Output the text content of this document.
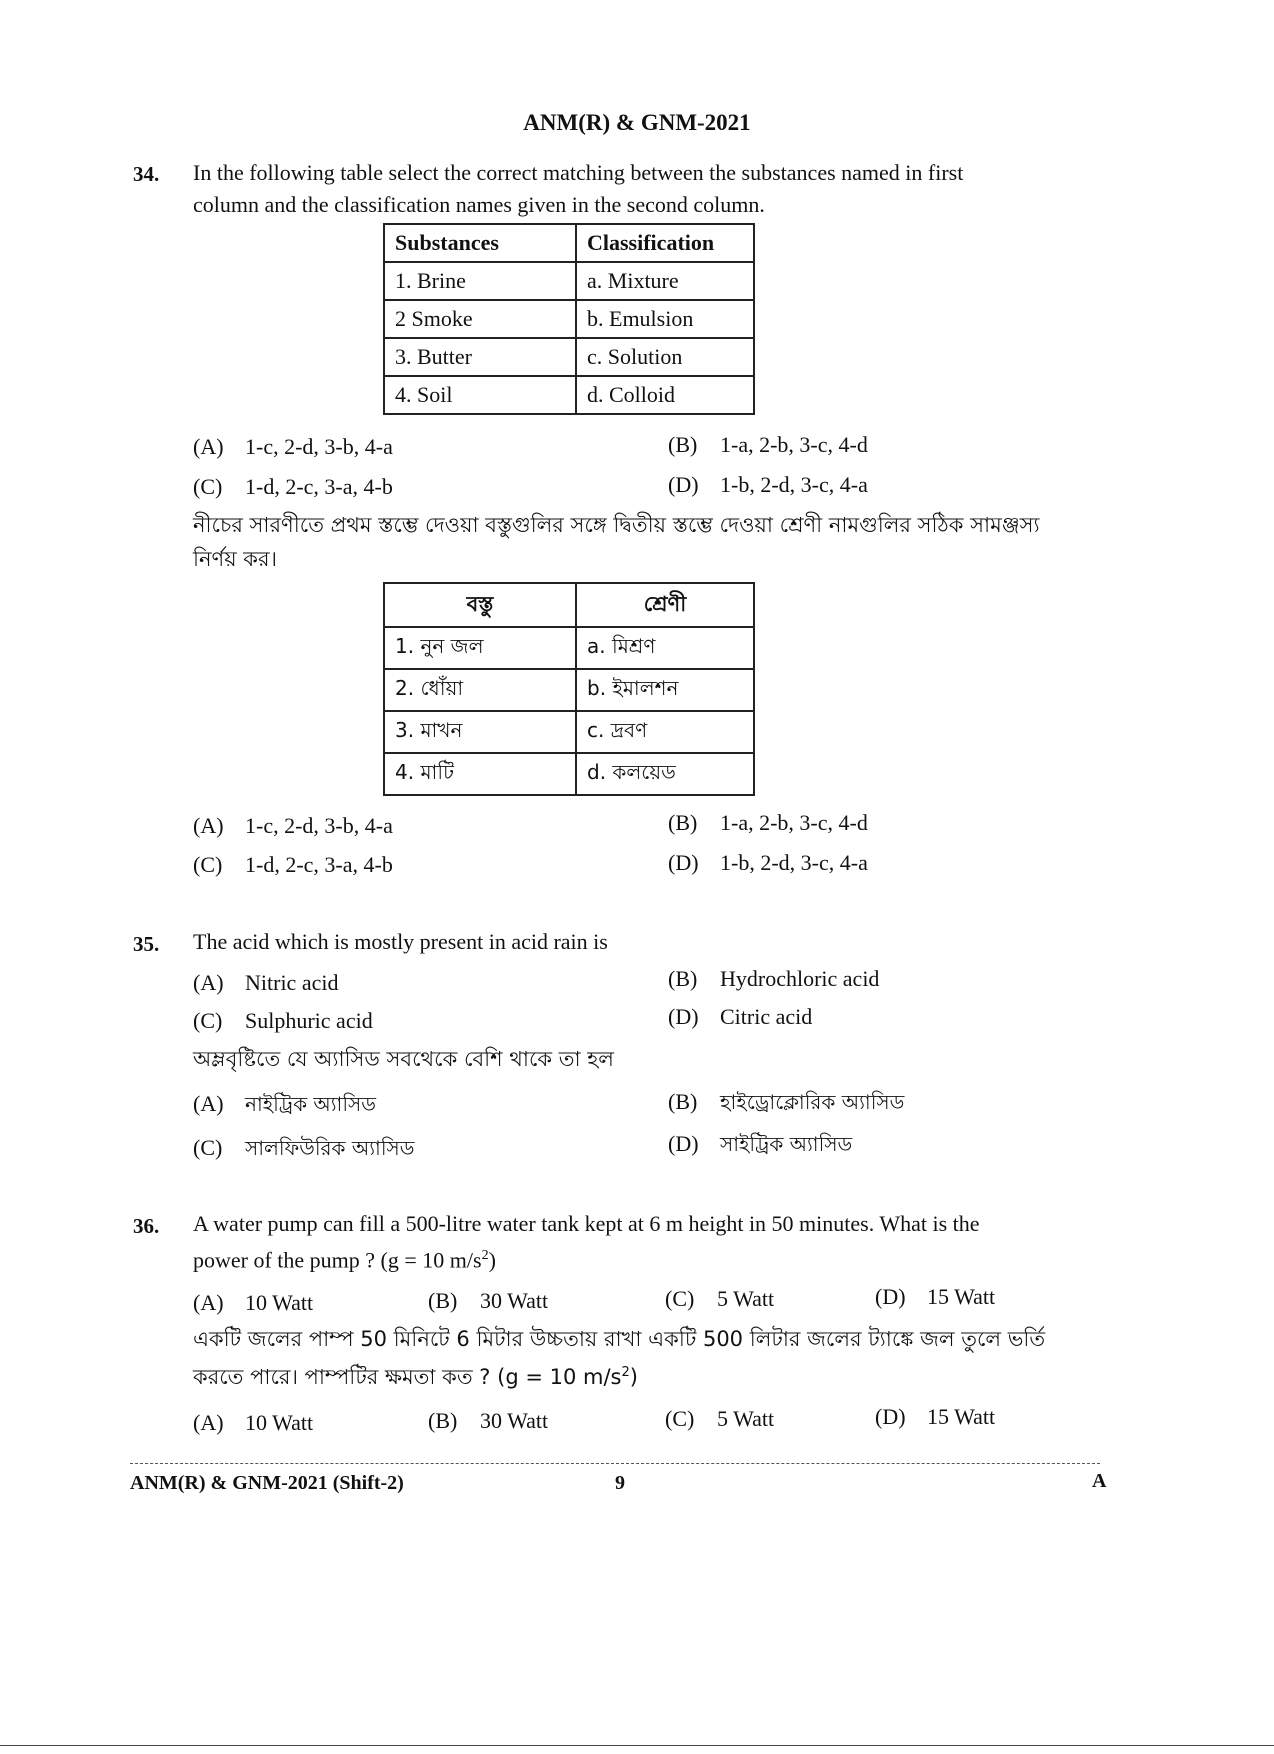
ANM(R) & GNM-2021
34. In the following table select the correct matching between the substances named in first
column and the classification names given in the second column.
Substances	Classification
1. Brine	a. Mixture
2 Smoke	b. Emulsion
3. Butter	c. Solution
4. Soil	d. Colloid
(A) 1-c, 2-d, 3-b, 4-a	(B) 1-a, 2-b, 3-c, 4-d
(C) 1-d, 2-c, 3-a, 4-b	(D) 1-b, 2-d, 3-c, 4-a
নীচের সারণীতে প্রথম স্তম্ভে দেওয়া বস্তুগুলির সঙ্গে দ্বিতীয় স্তম্ভে দেওয়া শ্রেণী নামগুলির সঠিক সামঞ্জস্য
নির্ণয় কর।
বস্তু	শ্রেণী
1. নুন জল	a. মিশ্রণ
2. ধোঁয়া	b. ইমালশন
3. মাখন	c. দ্রবণ
4. মাটি	d. কলয়েড
(A) 1-c, 2-d, 3-b, 4-a	(B) 1-a, 2-b, 3-c, 4-d
(C) 1-d, 2-c, 3-a, 4-b	(D) 1-b, 2-d, 3-c, 4-a
35. The acid which is mostly present in acid rain is
(A) Nitric acid	(B) Hydrochloric acid
(C) Sulphuric acid	(D) Citric acid
অম্লবৃষ্টিতে যে অ্যাসিড সবথেকে বেশি থাকে তা হল
(A) নাইট্রিক অ্যাসিড	(B) হাইড্রোক্লোরিক অ্যাসিড
(C) সালফিউরিক অ্যাসিড	(D) সাইট্রিক অ্যাসিড
36. A water pump can fill a 500-litre water tank kept at 6 m height in 50 minutes. What is the
power of the pump ? (g = 10 $m/s^2$)
(A) 10 Watt	(B) 30 Watt	(C) 5 Watt	(D) 15 Watt
একটি জলের পাম্প 50 মিনিটে 6 মিটার উচ্চতায় রাখা একটি 500 লিটার জলের ট্যাঙ্কে জল তুলে ভর্তি
করতে পারে। পাম্পটির ক্ষমতা কত ? (g = 10 $m/s^2$)
(A) 10 Watt	(B) 30 Watt	(C) 5 Watt	(D) 15 Watt
ANM(R) & GNM-2021 (Shift-2)	9	A
